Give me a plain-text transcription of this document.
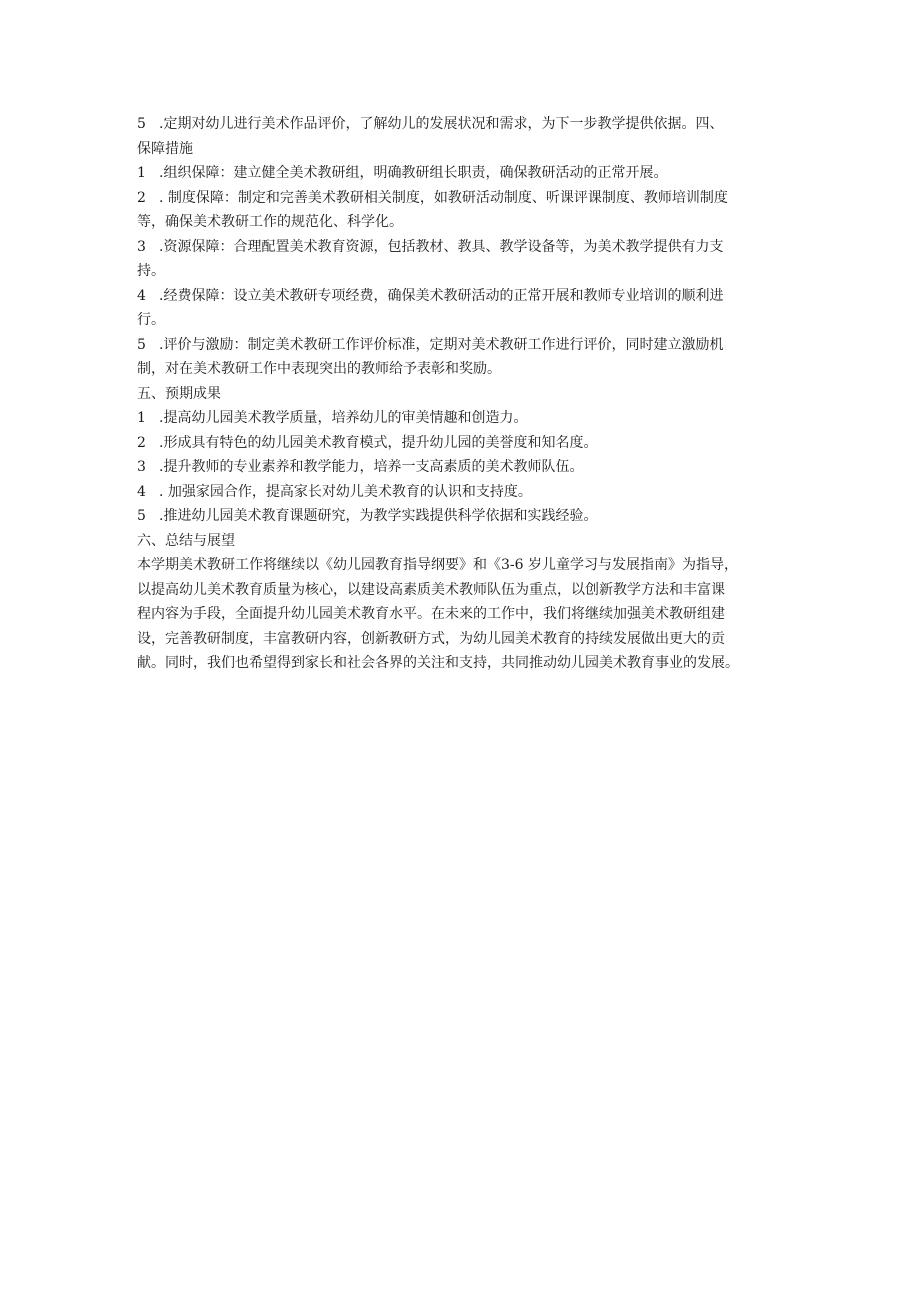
5 .定期对幼儿进行美术作品评价，了解幼儿的发展状况和需求，为下一步教学提供依据。四、

保障措施

1 .组织保障：建立健全美术教研组，明确教研组长职责，确保教研活动的正常开展。

2 . 制度保障：制定和完善美术教研相关制度，如教研活动制度、听课评课制度、教师培训制度

等，确保美术教研工作的规范化、科学化。

3 .资源保障：合理配置美术教育资源，包括教材、教具、教学设备等，为美术教学提供有力支

持。

4 .经费保障：设立美术教研专项经费，确保美术教研活动的正常开展和教师专业培训的顺利进

行。

5 .评价与激励：制定美术教研工作评价标准，定期对美术教研工作进行评价，同时建立激励机

制，对在美术教研工作中表现突出的教师给予表彰和奖励。

五、预期成果

1 .提高幼儿园美术教学质量，培养幼儿的审美情趣和创造力。

2 .形成具有特色的幼儿园美术教育模式，提升幼儿园的美誉度和知名度。

3 .提升教师的专业素养和教学能力，培养一支高素质的美术教师队伍。

4 . 加强家园合作，提高家长对幼儿美术教育的认识和支持度。

5 .推进幼儿园美术教育课题研究，为教学实践提供科学依据和实践经验。

六、总结与展望

本学期美术教研工作将继续以《幼儿园教育指导纲要》和《3-6 岁儿童学习与发展指南》为指导，

以提高幼儿美术教育质量为核心，以建设高素质美术教师队伍为重点，以创新教学方法和丰富课

程内容为手段，全面提升幼儿园美术教育水平。在未来的工作中，我们将继续加强美术教研组建

设，完善教研制度，丰富教研内容，创新教研方式，为幼儿园美术教育的持续发展做出更大的贡

献。同时，我们也希望得到家长和社会各界的关注和支持，共同推动幼儿园美术教育事业的发展。
